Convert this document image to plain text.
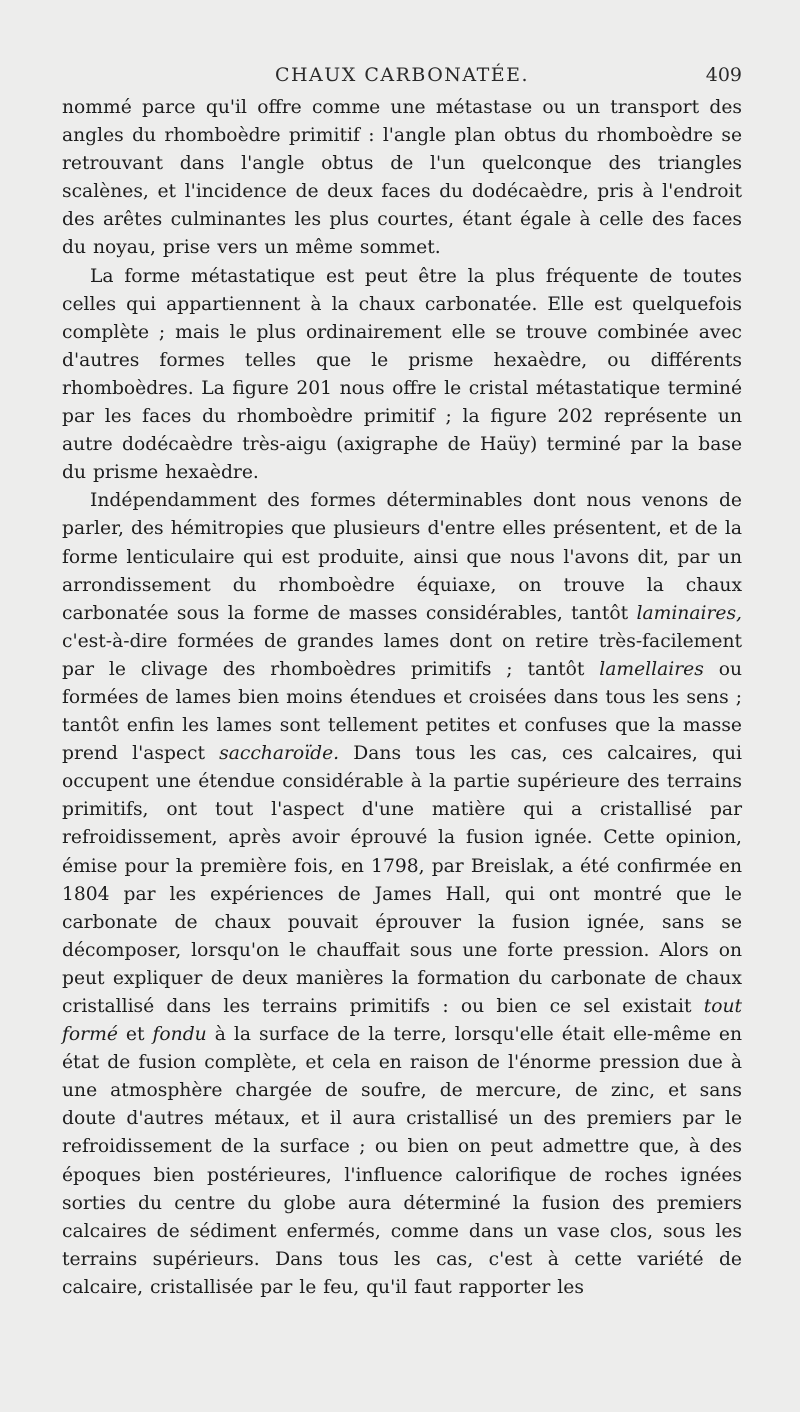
CHAUX CARBONATÉE.	409

nommé parce qu'il offre comme une métastase ou un transport des angles du rhomboèdre primitif : l'angle plan obtus du rhomboèdre se retrouvant dans l'angle obtus de l'un quelconque des triangles scalènes, et l'incidence de deux faces du dodécaèdre, pris à l'endroit des arêtes culminantes les plus courtes, étant égale à celle des faces du noyau, prise vers un même sommet.

La forme métastatique est peut être la plus fréquente de toutes celles qui appartiennent à la chaux carbonatée. Elle est quelquefois complète ; mais le plus ordinairement elle se trouve combinée avec d'autres formes telles que le prisme hexaèdre, ou différents rhomboèdres. La figure 201 nous offre le cristal métastatique terminé par les faces du rhomboèdre primitif ; la figure 202 représente un autre dodécaèdre très-aigu (axigraphe de Haüy) terminé par la base du prisme hexaèdre.

Indépendamment des formes déterminables dont nous venons de parler, des hémitropies que plusieurs d'entre elles présentent, et de la forme lenticulaire qui est produite, ainsi que nous l'avons dit, par un arrondissement du rhomboèdre équiaxe, on trouve la chaux carbonatée sous la forme de masses considérables, tantôt laminaires, c'est-à-dire formées de grandes lames dont on retire très-facilement par le clivage des rhomboèdres primitifs ; tantôt lamellaires ou formées de lames bien moins étendues et croisées dans tous les sens ; tantôt enfin les lames sont tellement petites et confuses que la masse prend l'aspect saccharoïde. Dans tous les cas, ces calcaires, qui occupent une étendue considérable à la partie supérieure des terrains primitifs, ont tout l'aspect d'une matière qui a cristallisé par refroidissement, après avoir éprouvé la fusion ignée. Cette opinion, émise pour la première fois, en 1798, par Breislak, a été confirmée en 1804 par les expériences de James Hall, qui ont montré que le carbonate de chaux pouvait éprouver la fusion ignée, sans se décomposer, lorsqu'on le chauffait sous une forte pression. Alors on peut expliquer de deux manières la formation du carbonate de chaux cristallisé dans les terrains primitifs : ou bien ce sel existait tout formé et fondu à la surface de la terre, lorsqu'elle était elle-même en état de fusion complète, et cela en raison de l'énorme pression due à une atmosphère chargée de soufre, de mercure, de zinc, et sans doute d'autres métaux, et il aura cristallisé un des premiers par le refroidissement de la surface ; ou bien on peut admettre que, à des époques bien postérieures, l'influence calorifique de roches ignées sorties du centre du globe aura déterminé la fusion des premiers calcaires de sédiment enfermés, comme dans un vase clos, sous les terrains supérieurs. Dans tous les cas, c'est à cette variété de calcaire, cristallisée par le feu, qu'il faut rapporter les
